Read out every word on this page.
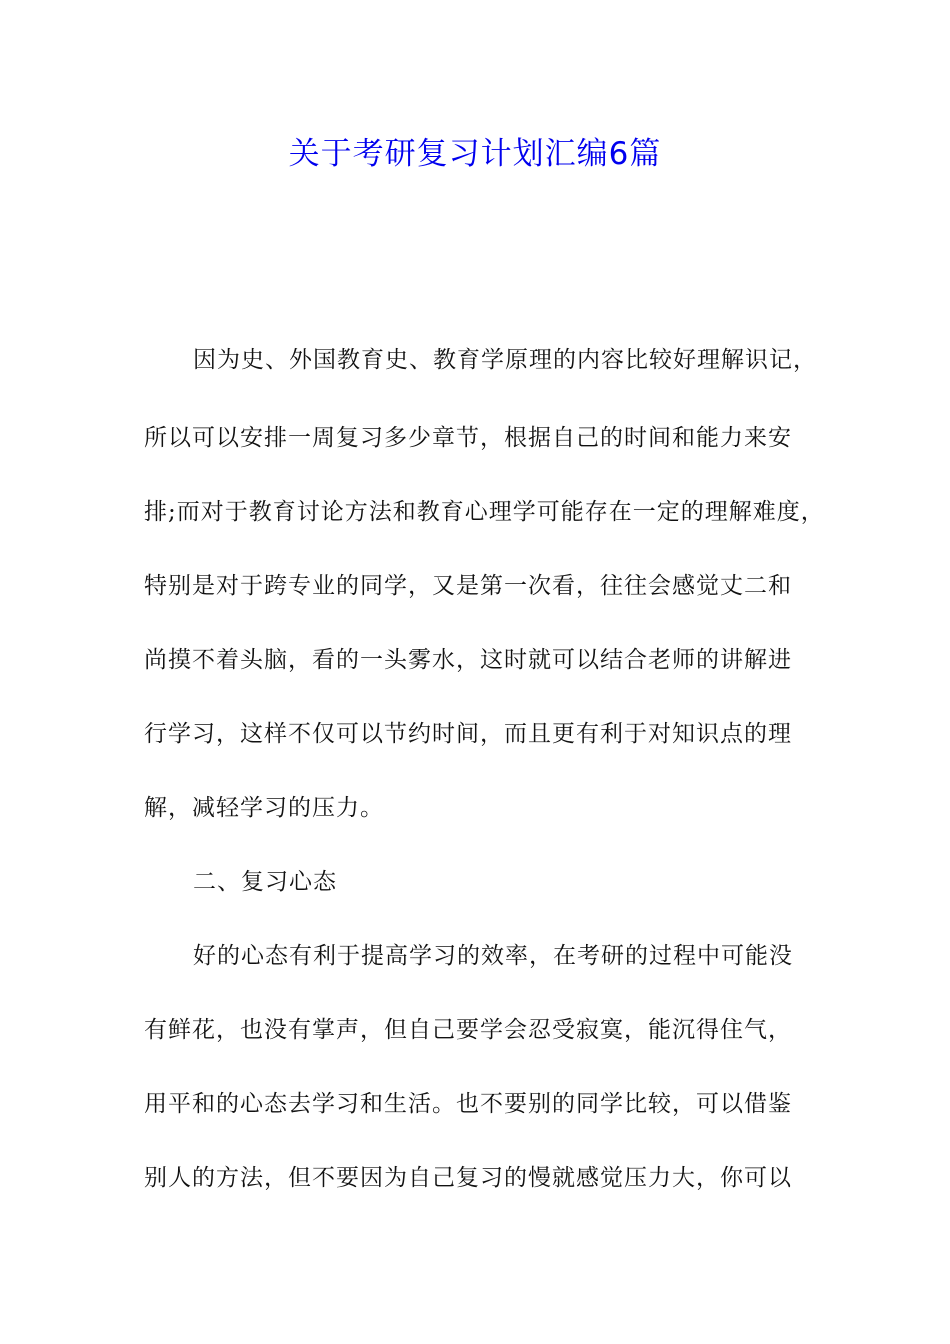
关于考研复习计划汇编6篇

因为史、外国教育史、教育学原理的内容比较好理解识记，

所以可以安排一周复习多少章节，根据自己的时间和能力来安

排;而对于教育讨论方法和教育心理学可能存在一定的理解难度，

特别是对于跨专业的同学，又是第一次看，往往会感觉丈二和

尚摸不着头脑，看的一头雾水，这时就可以结合老师的讲解进

行学习，这样不仅可以节约时间，而且更有利于对知识点的理

解，减轻学习的压力。

二、复习心态

好的心态有利于提高学习的效率，在考研的过程中可能没

有鲜花，也没有掌声，但自己要学会忍受寂寞，能沉得住气，

用平和的心态去学习和生活。也不要别的同学比较，可以借鉴

别人的方法，但不要因为自己复习的慢就感觉压力大，你可以
